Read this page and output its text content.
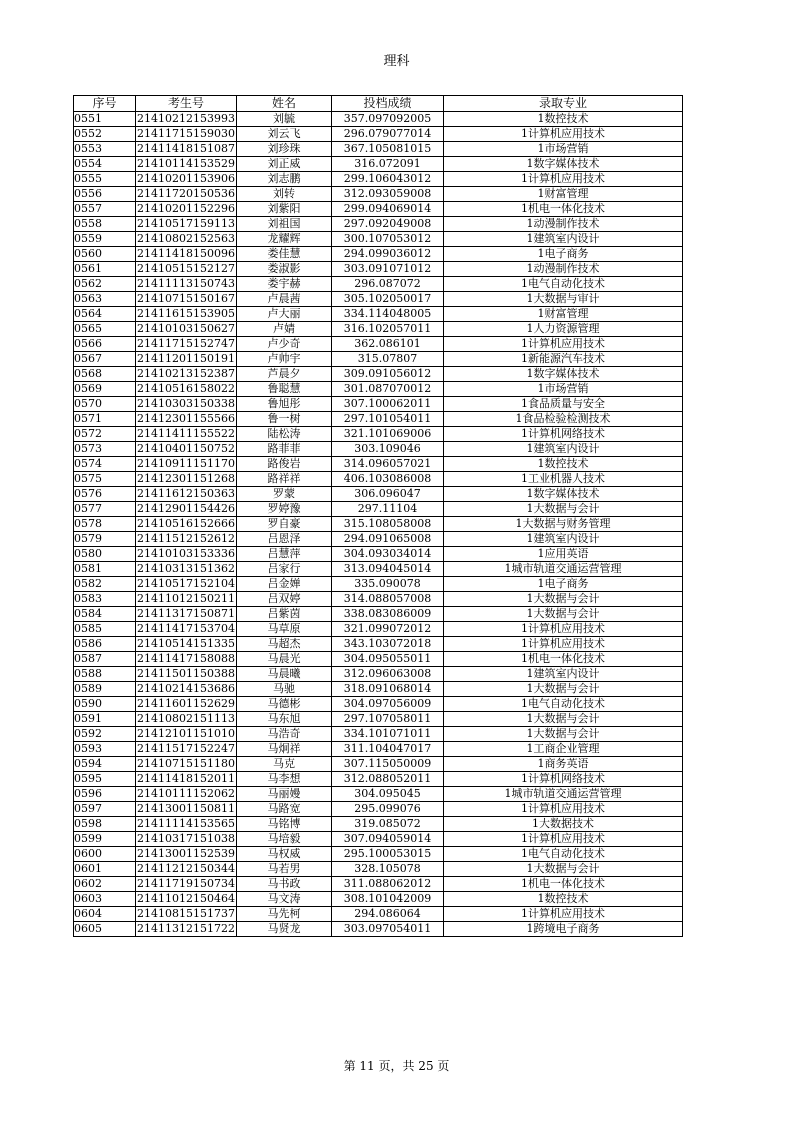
理科
序号	考生号	姓名	投档成绩	录取专业
0551	21410212153993	刘毓	357.097092005	1数控技术
0552	21411715159030	刘云飞	296.079077014	1计算机应用技术
0553	21411418151087	刘珍珠	367.105081015	1市场营销
0554	21410114153529	刘正威	316.072091	1数字媒体技术
0555	21410201153906	刘志鹏	299.106043012	1计算机应用技术
0556	21411720150536	刘转	312.093059008	1财富管理
0557	21410201152296	刘紫阳	299.094069014	1机电一体化技术
0558	21410517159113	刘祖国	297.092049008	1动漫制作技术
0559	21410802152563	龙耀辉	300.107053012	1建筑室内设计
0560	21411418150096	娄佳慧	294.099036012	1电子商务
0561	21410515152127	娄淑影	303.091071012	1动漫制作技术
0562	21411113150743	娄宇赫	296.087072	1电气自动化技术
0563	21410715150167	卢晨茜	305.102050017	1大数据与审计
0564	21411615153905	卢大丽	334.114048005	1财富管理
0565	21410103150627	卢婧	316.102057011	1人力资源管理
0566	21411715152747	卢少奇	362.086101	1计算机应用技术
0567	21411201150191	卢帅宇	315.07807	1新能源汽车技术
0568	21410213152387	芦晨夕	309.091056012	1数字媒体技术
0569	21410516158022	鲁聪慧	301.087070012	1市场营销
0570	21410303150338	鲁旭彤	307.100062011	1食品质量与安全
0571	21412301155566	鲁一树	297.101054011	1食品检验检测技术
0572	21411411155522	陆松涛	321.101069006	1计算机网络技术
0573	21410401150752	路菲菲	303.109046	1建筑室内设计
0574	21410911151170	路俊岩	314.096057021	1数控技术
0575	21412301151268	路祥祥	406.103086008	1工业机器人技术
0576	21411612150363	罗蒙	306.096047	1数字媒体技术
0577	21412901154426	罗婷豫	297.11104	1大数据与会计
0578	21410516152666	罗自豪	315.108058008	1大数据与财务管理
0579	21411512152612	吕恩泽	294.091065008	1建筑室内设计
0580	21410103153336	吕慧萍	304.093034014	1应用英语
0581	21410313151362	吕家行	313.094045014	1城市轨道交通运营管理
0582	21410517152104	吕金婵	335.090078	1电子商务
0583	21411012150211	吕双婷	314.088057008	1大数据与会计
0584	21411317150871	吕紫茵	338.083086009	1大数据与会计
0585	21411417153704	马草原	321.099072012	1计算机应用技术
0586	21410514151335	马超杰	343.103072018	1计算机应用技术
0587	21411417158088	马晨光	304.095055011	1机电一体化技术
0588	21411501150388	马晨曦	312.096063008	1建筑室内设计
0589	21410214153686	马驰	318.091068014	1大数据与会计
0590	21411601152629	马德彬	304.097056009	1电气自动化技术
0591	21410802151113	马东旭	297.107058011	1大数据与会计
0592	21412101151010	马浩奇	334.101071011	1大数据与会计
0593	21411517152247	马炯祥	311.104047017	1工商企业管理
0594	21410715151180	马克	307.115050009	1商务英语
0595	21411418152011	马李想	312.088052011	1计算机网络技术
0596	21410111152062	马丽嫚	304.095045	1城市轨道交通运营管理
0597	21413001150811	马路宽	295.099076	1计算机应用技术
0598	21411114153565	马铭博	319.085072	1大数据技术
0599	21410317151038	马培毅	307.094059014	1计算机应用技术
0600	21413001152539	马权威	295.100053015	1电气自动化技术
0601	21411212150344	马若男	328.105078	1大数据与会计
0602	21411719150734	马书政	311.088062012	1机电一体化技术
0603	21411012150464	马文涛	308.101042009	1数控技术
0604	21410815151737	马先柯	294.086064	1计算机应用技术
0605	21411312151722	马贤龙	303.097054011	1跨境电子商务
第 11 页，共 25 页
